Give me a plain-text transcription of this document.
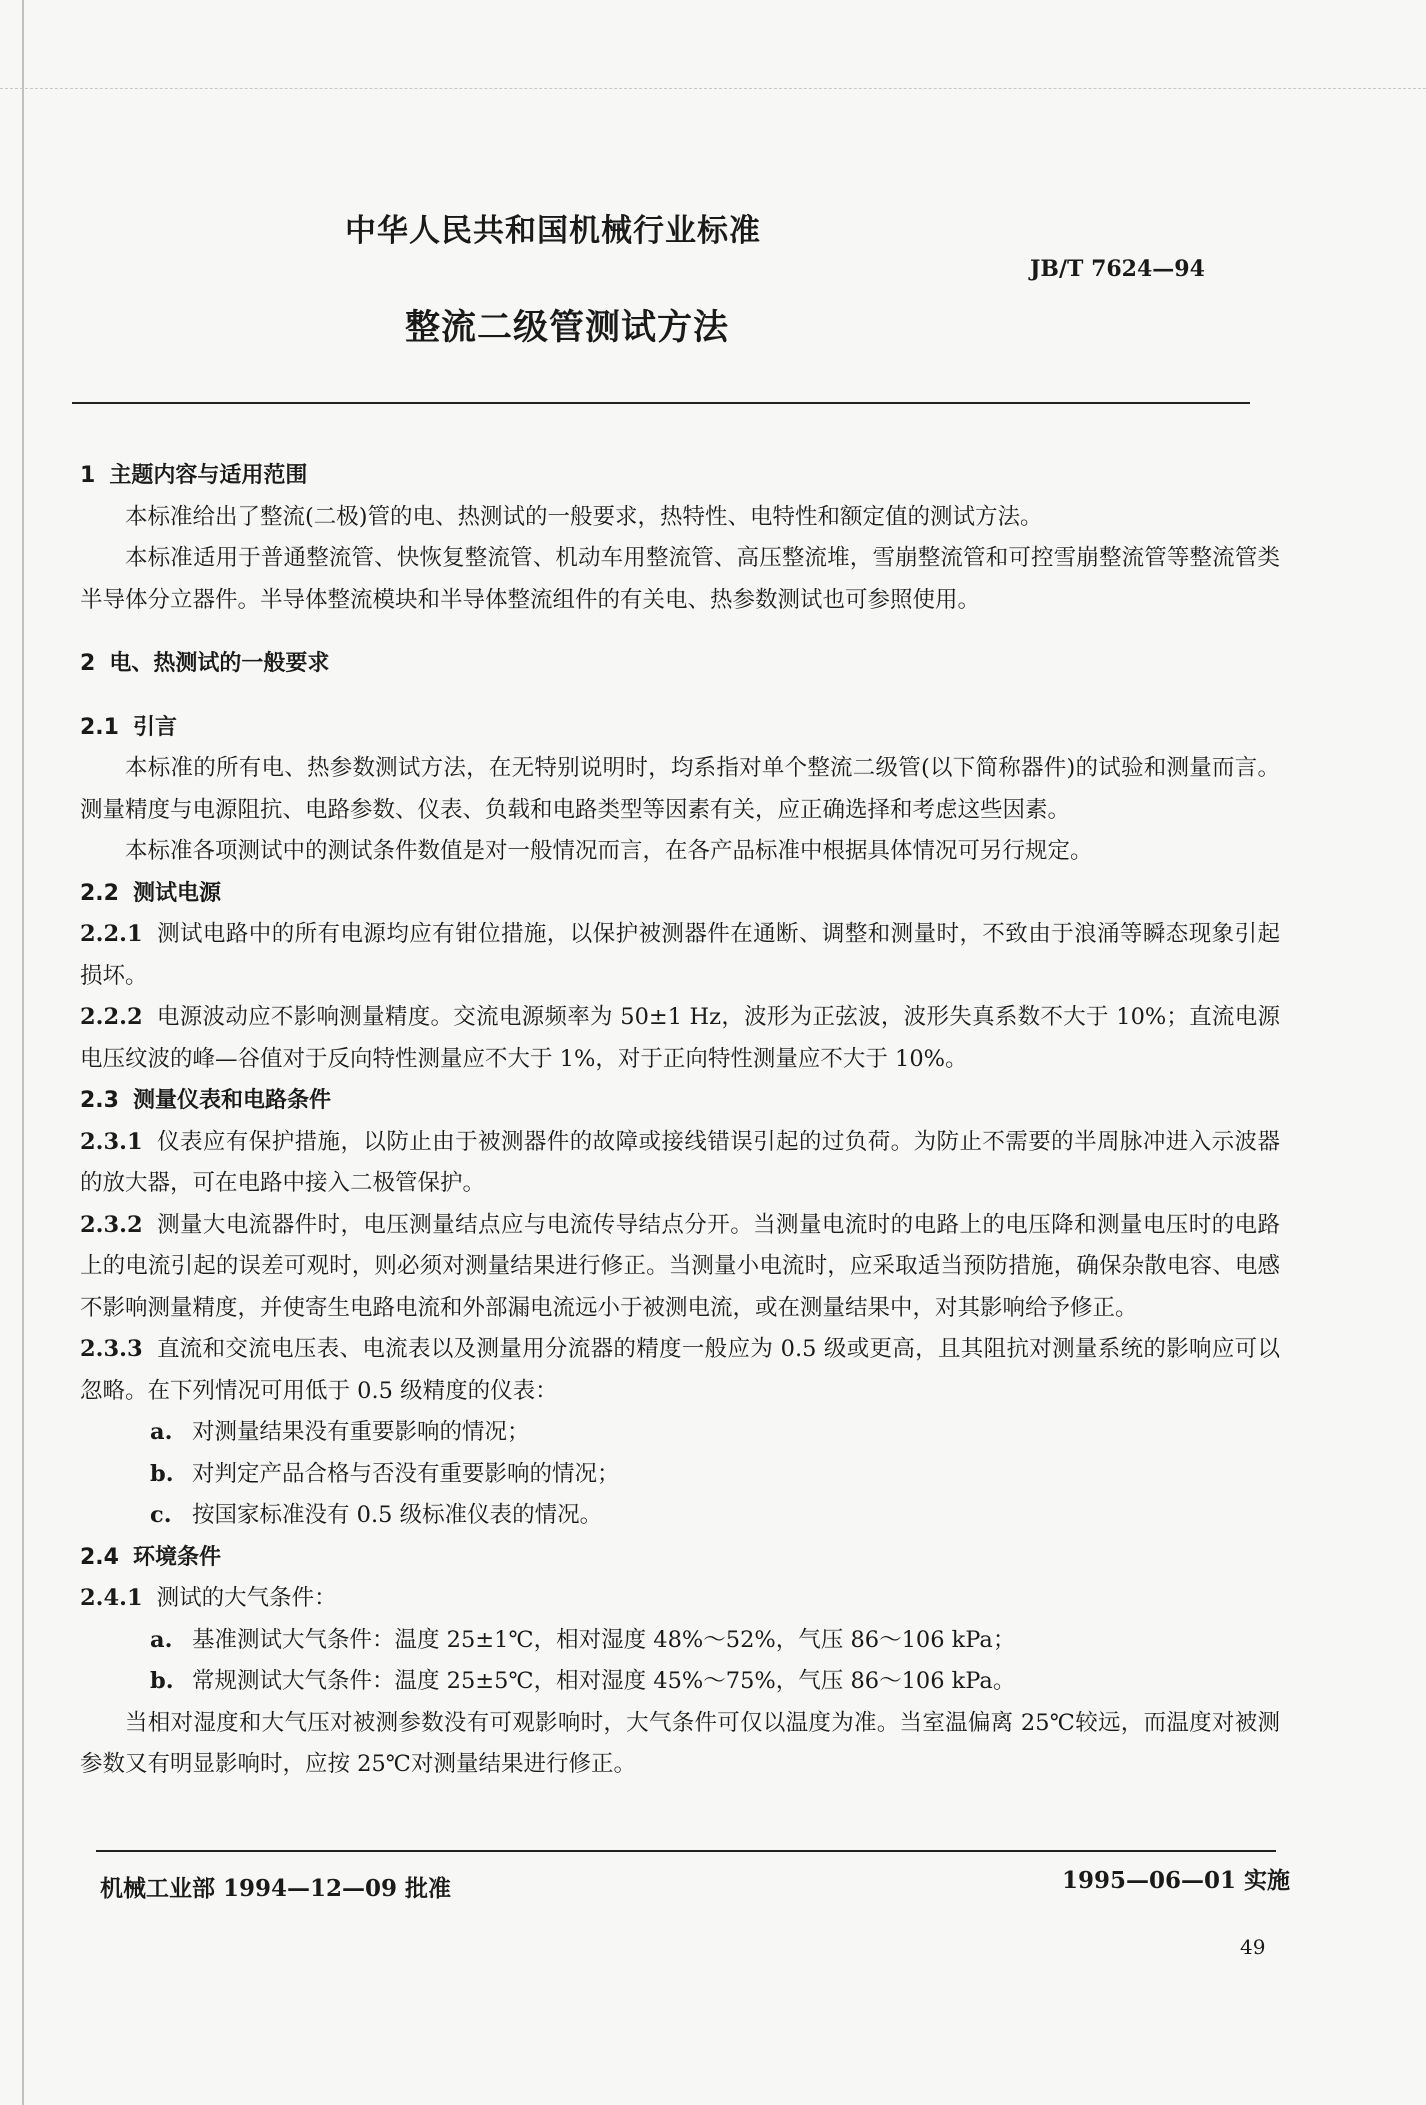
中华人民共和国机械行业标准
JB/T 7624—94
整流二级管测试方法

1 主题内容与适用范围

本标准给出了整流(二极)管的电、热测试的一般要求，热特性、电特性和额定值的测试方法。

本标准适用于普通整流管、快恢复整流管、机动车用整流管、高压整流堆，雪崩整流管和可控雪崩整流管等整流管类半导体分立器件。半导体整流模块和半导体整流组件的有关电、热参数测试也可参照使用。

2 电、热测试的一般要求

2.1 引言

本标准的所有电、热参数测试方法，在无特别说明时，均系指对单个整流二级管(以下简称器件)的试验和测量而言。测量精度与电源阻抗、电路参数、仪表、负载和电路类型等因素有关，应正确选择和考虑这些因素。

本标准各项测试中的测试条件数值是对一般情况而言，在各产品标准中根据具体情况可另行规定。

2.2 测试电源

2.2.1 测试电路中的所有电源均应有钳位措施，以保护被测器件在通断、调整和测量时，不致由于浪涌等瞬态现象引起损坏。

2.2.2 电源波动应不影响测量精度。交流电源频率为 50±1 Hz，波形为正弦波，波形失真系数不大于 10%；直流电源电压纹波的峰—谷值对于反向特性测量应不大于 1%，对于正向特性测量应不大于 10%。

2.3 测量仪表和电路条件

2.3.1 仪表应有保护措施，以防止由于被测器件的故障或接线错误引起的过负荷。为防止不需要的半周脉冲进入示波器的放大器，可在电路中接入二极管保护。

2.3.2 测量大电流器件时，电压测量结点应与电流传导结点分开。当测量电流时的电路上的电压降和测量电压时的电路上的电流引起的误差可观时，则必须对测量结果进行修正。当测量小电流时，应采取适当预防措施，确保杂散电容、电感不影响测量精度，并使寄生电路电流和外部漏电流远小于被测电流，或在测量结果中，对其影响给予修正。

2.3.3 直流和交流电压表、电流表以及测量用分流器的精度一般应为 0.5 级或更高，且其阻抗对测量系统的影响应可以忽略。在下列情况可用低于 0.5 级精度的仪表：

a. 对测量结果没有重要影响的情况；

b. 对判定产品合格与否没有重要影响的情况；

c. 按国家标准没有 0.5 级标准仪表的情况。

2.4 环境条件

2.4.1 测试的大气条件：

a. 基准测试大气条件：温度 25±1℃，相对湿度 48%～52%，气压 86～106 kPa；

b. 常规测试大气条件：温度 25±5℃，相对湿度 45%～75%，气压 86～106 kPa。

当相对湿度和大气压对被测参数没有可观影响时，大气条件可仅以温度为准。当室温偏离 25℃较远，而温度对被测参数又有明显影响时，应按 25℃对测量结果进行修正。

机械工业部 1994—12—09 批准	1995—06—01 实施
49
